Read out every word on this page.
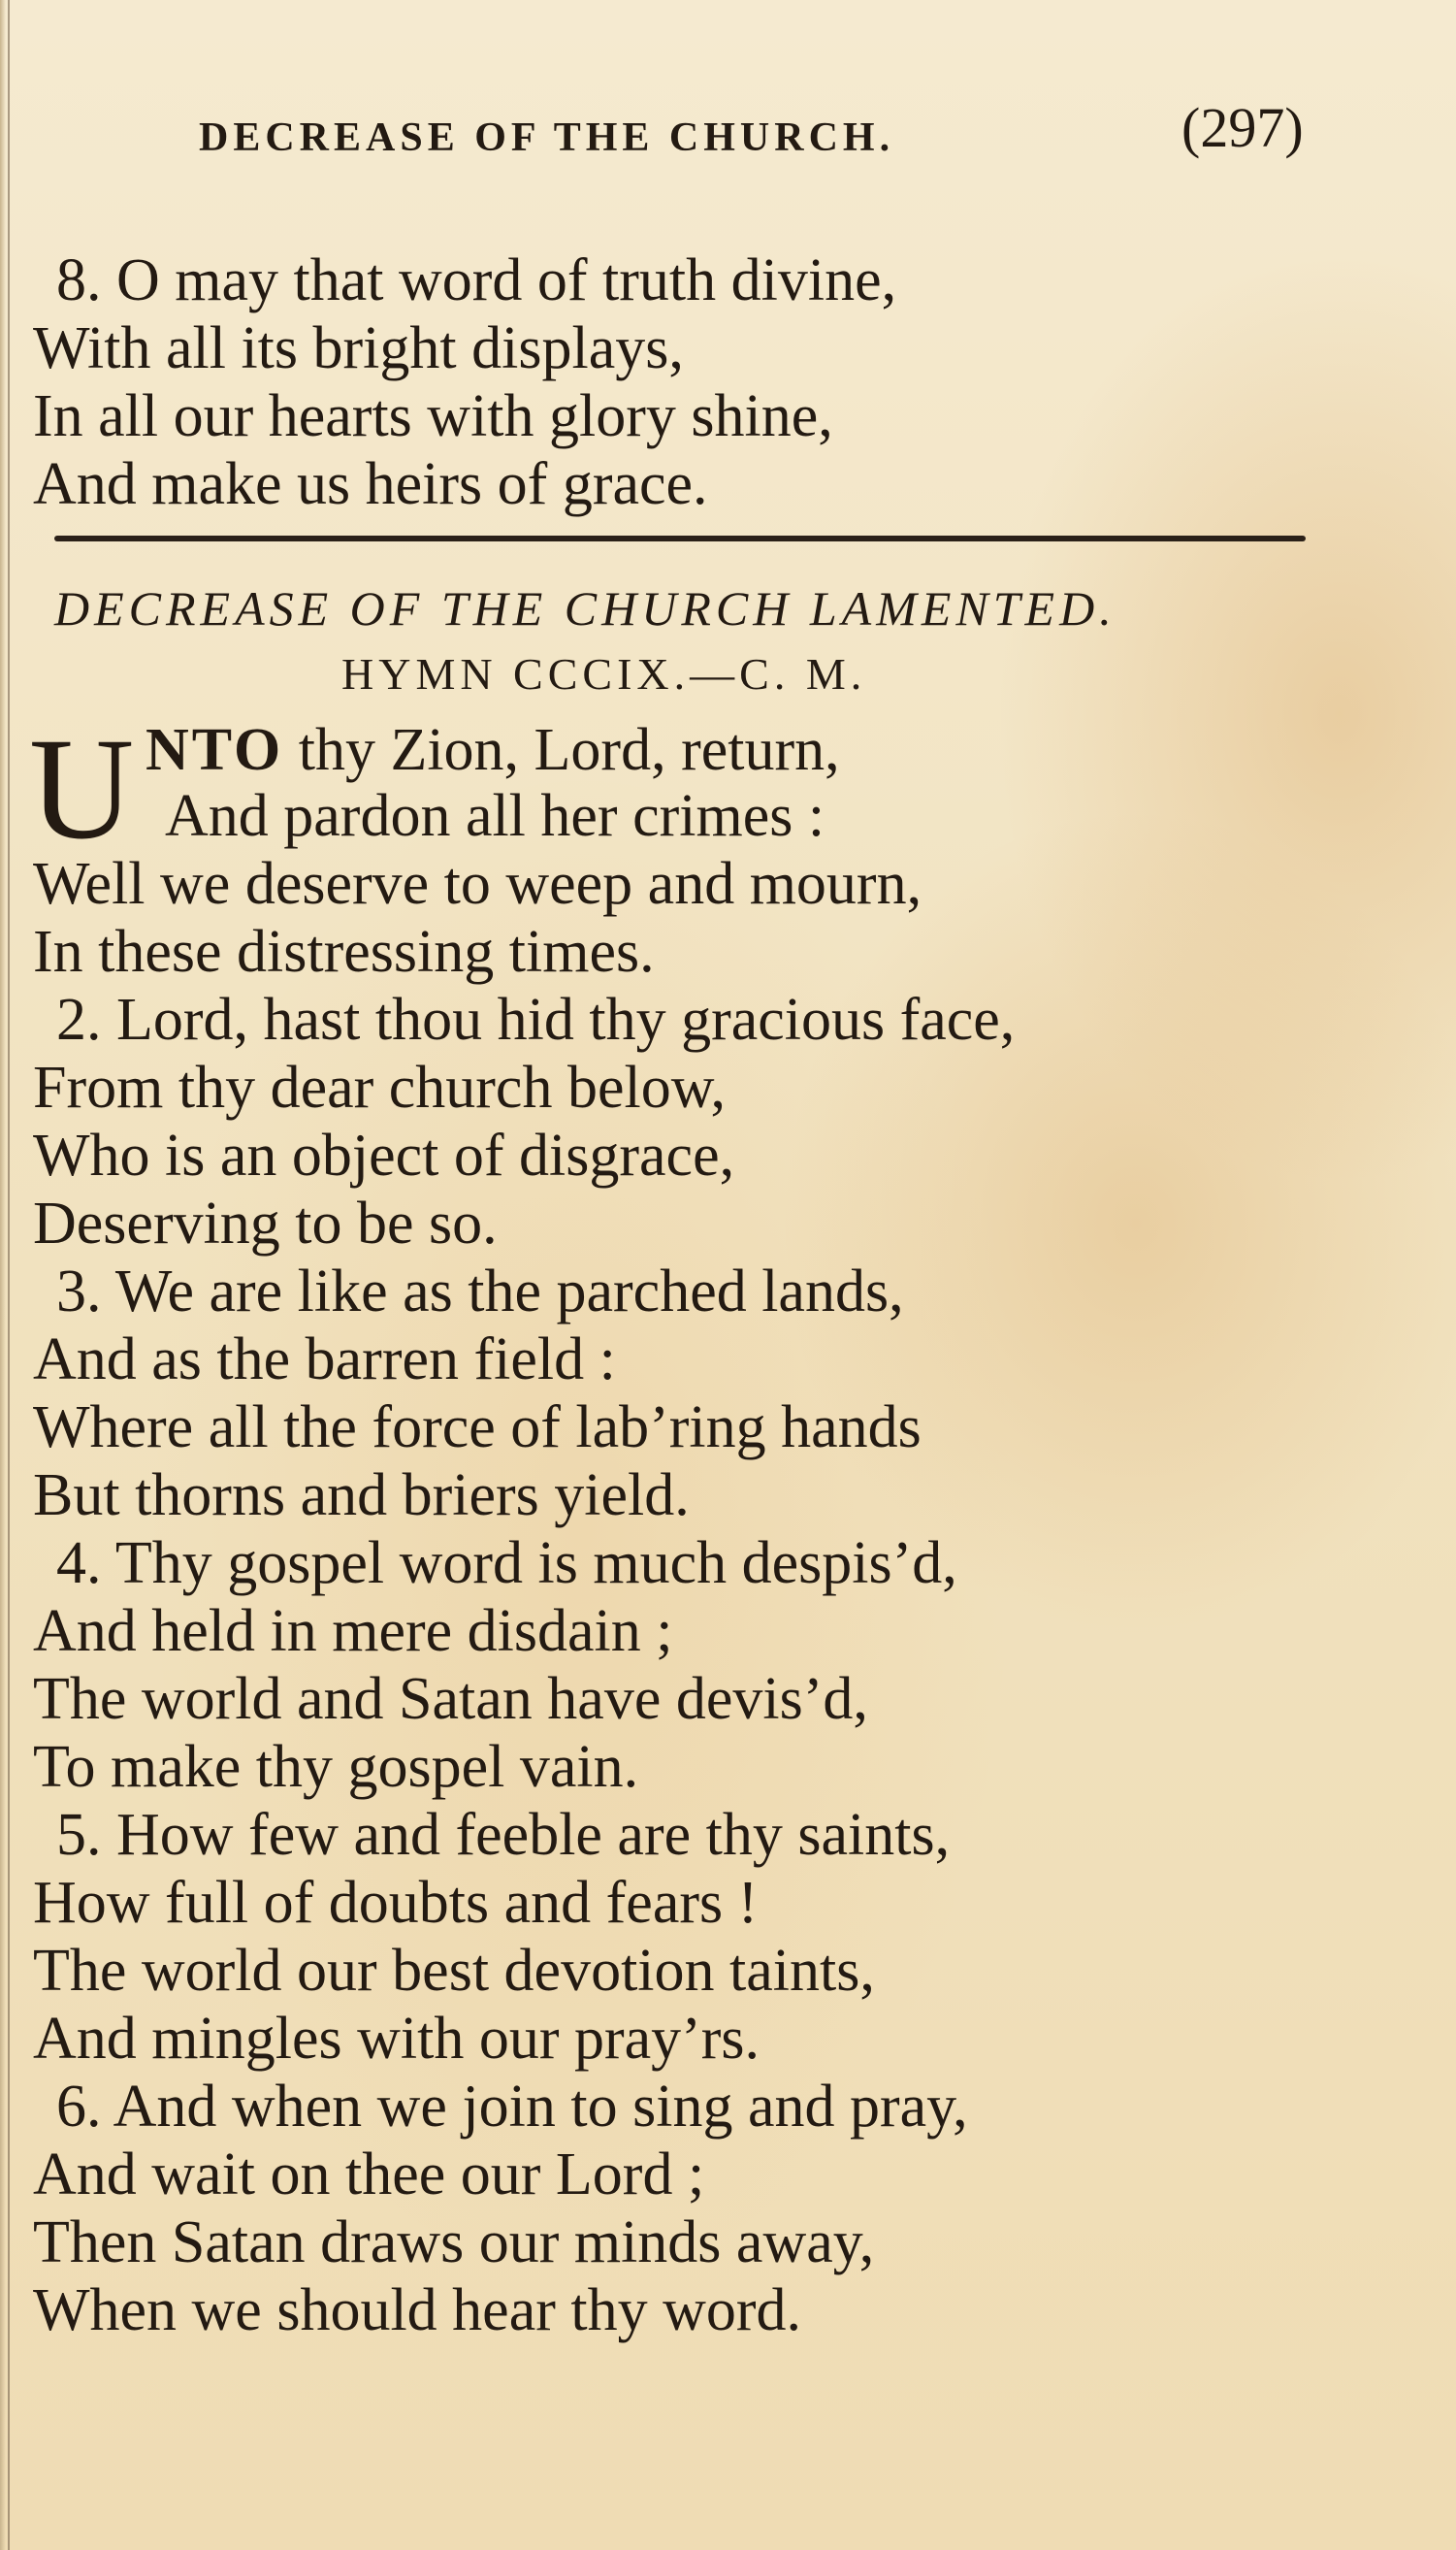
DECREASE OF THE CHURCH.	(297)
8. O may that word of truth divine,
With all its bright displays,
In all our hearts with glory shine,
And make us heirs of grace.
DECREASE OF THE CHURCH LAMENTED.
HYMN CCCIX.—C. M.
U NTO thy Zion, Lord, return,
And pardon all her crimes :
Well we deserve to weep and mourn,
In these distressing times.
2. Lord, hast thou hid thy gracious face,
From thy dear church below,
Who is an object of disgrace,
Deserving to be so.
3. We are like as the parched lands,
And as the barren field :
Where all the force of lab’ring hands
But thorns and briers yield.
4. Thy gospel word is much despis’d,
And held in mere disdain ;
The world and Satan have devis’d,
To make thy gospel vain.
5. How few and feeble are thy saints,
How full of doubts and fears !
The world our best devotion taints,
And mingles with our pray’rs.
6. And when we join to sing and pray,
And wait on thee our Lord ;
Then Satan draws our minds away,
When we should hear thy word.
